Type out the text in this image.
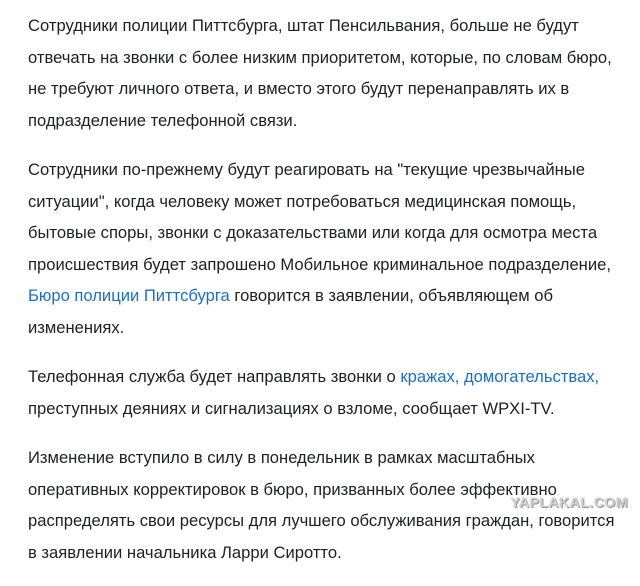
Сотрудники полиции Питтсбурга, штат Пенсильвания, больше не будут
отвечать на звонки с более низким приоритетом, которые, по словам бюро,
не требуют личного ответа, и вместо этого будут перенаправлять их в
подразделение телефонной связи.

Сотрудники по-прежнему будут реагировать на "текущие чрезвычайные
ситуации", когда человеку может потребоваться медицинская помощь,
бытовые споры, звонки с доказательствами или когда для осмотра места
происшествия будет запрошено Мобильное криминальное подразделение,
Бюро полиции Питтсбурга говорится в заявлении, объявляющем об
изменениях.

Телефонная служба будет направлять звонки о кражах, домогательствах,
преступных деяниях и сигнализациях о взломе, сообщает WPXI-TV.

Изменение вступило в силу в понедельник в рамках масштабных
оперативных корректировок в бюро, призванных более эффективно
распределять свои ресурсы для лучшего обслуживания граждан, говорится
в заявлении начальника Ларри Сиротто.

YAPLAKAL.COM
